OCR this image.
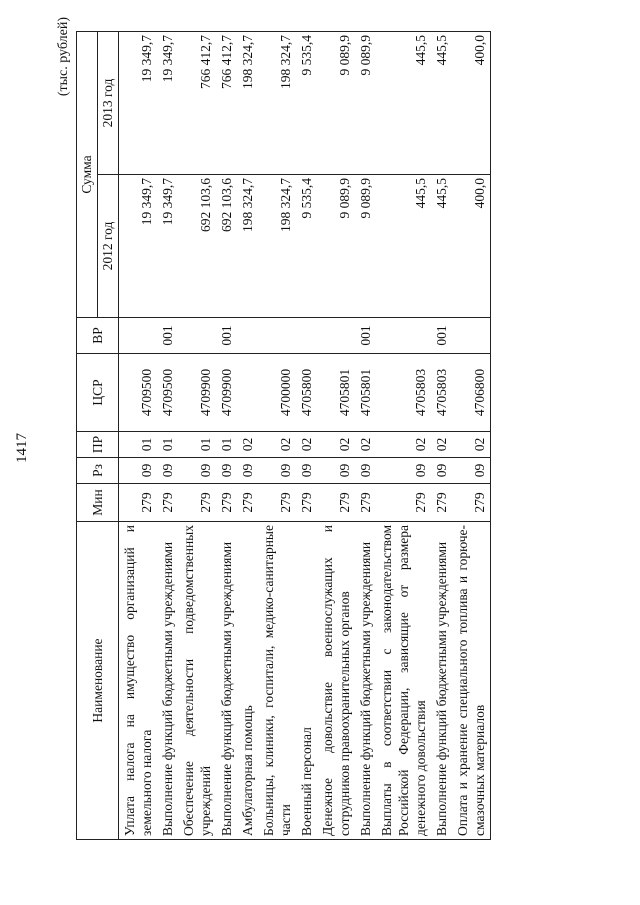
1417
(тыс. рублей)
Наименование	Мин	Рз	ПР	ЦСР	ВР	Сумма	
						2012 год	2013 год
Уплата налога на имущество организаций и земельного налога	279	09	01	4709500		19 349,7	19 349,7
Выполнение функций бюджетными учреждениями	279	09	01	4709500	001	19 349,7	19 349,7
Обеспечение деятельности подведомственных учреждений	279	09	01	4709900		692 103,6	766 412,7
Выполнение функций бюджетными учреждениями	279	09	01	4709900	001	692 103,6	766 412,7
Амбулаторная помощь	279	09	02			198 324,7	198 324,7
Больницы, клиники, госпитали, медико-санитарные части	279	09	02	4700000		198 324,7	198 324,7
Военный персонал	279	09	02	4705800		9 535,4	9 535,4
Денежное довольствие военнослужащих и сотрудников правоохранительных органов	279	09	02	4705801		9 089,9	9 089,9
Выполнение функций бюджетными учреждениями	279	09	02	4705801	001	9 089,9	9 089,9
Выплаты в соответствии с законодательством Российской Федерации, зависящие от размера денежного довольствия	279	09	02	4705803		445,5	445,5
Выполнение функций бюджетными учреждениями	279	09	02	4705803	001	445,5	445,5
Оплата и хранение специального топлива и горюче-смазочных материалов	279	09	02	4706800		400,0	400,0
